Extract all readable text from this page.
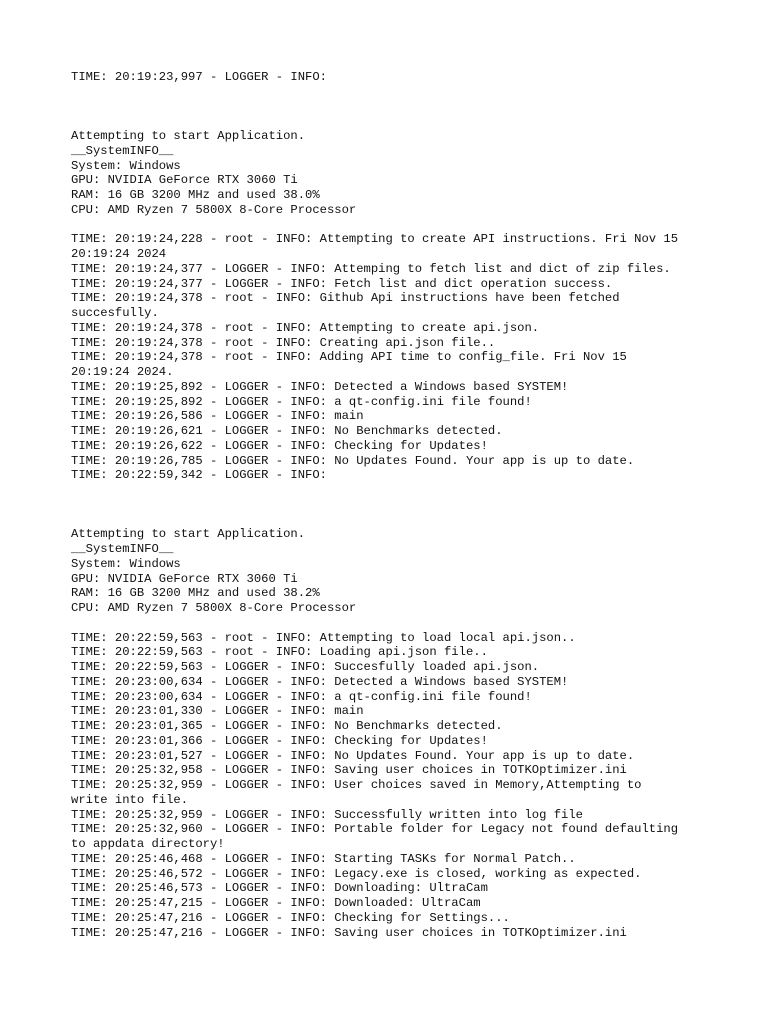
TIME: 20:19:23,997 - LOGGER - INFO:
Attempting to start Application.
__SystemINFO__
System: Windows
GPU: NVIDIA GeForce RTX 3060 Ti
RAM: 16 GB 3200 MHz and used 38.0%
CPU: AMD Ryzen 7 5800X 8-Core Processor
TIME: 20:19:24,228 - root - INFO: Attempting to create API instructions. Fri Nov 15
20:19:24 2024
TIME: 20:19:24,377 - LOGGER - INFO: Attemping to fetch list and dict of zip files.
TIME: 20:19:24,377 - LOGGER - INFO: Fetch list and dict operation success.
TIME: 20:19:24,378 - root - INFO: Github Api instructions have been fetched
succesfully.
TIME: 20:19:24,378 - root - INFO: Attempting to create api.json.
TIME: 20:19:24,378 - root - INFO: Creating api.json file..
TIME: 20:19:24,378 - root - INFO: Adding API time to config_file. Fri Nov 15
20:19:24 2024.
TIME: 20:19:25,892 - LOGGER - INFO: Detected a Windows based SYSTEM!
TIME: 20:19:25,892 - LOGGER - INFO: a qt-config.ini file found!
TIME: 20:19:26,586 - LOGGER - INFO: main
TIME: 20:19:26,621 - LOGGER - INFO: No Benchmarks detected.
TIME: 20:19:26,622 - LOGGER - INFO: Checking for Updates!
TIME: 20:19:26,785 - LOGGER - INFO: No Updates Found. Your app is up to date.
TIME: 20:22:59,342 - LOGGER - INFO:
Attempting to start Application.
__SystemINFO__
System: Windows
GPU: NVIDIA GeForce RTX 3060 Ti
RAM: 16 GB 3200 MHz and used 38.2%
CPU: AMD Ryzen 7 5800X 8-Core Processor
TIME: 20:22:59,563 - root - INFO: Attempting to load local api.json..
TIME: 20:22:59,563 - root - INFO: Loading api.json file..
TIME: 20:22:59,563 - LOGGER - INFO: Succesfully loaded api.json.
TIME: 20:23:00,634 - LOGGER - INFO: Detected a Windows based SYSTEM!
TIME: 20:23:00,634 - LOGGER - INFO: a qt-config.ini file found!
TIME: 20:23:01,330 - LOGGER - INFO: main
TIME: 20:23:01,365 - LOGGER - INFO: No Benchmarks detected.
TIME: 20:23:01,366 - LOGGER - INFO: Checking for Updates!
TIME: 20:23:01,527 - LOGGER - INFO: No Updates Found. Your app is up to date.
TIME: 20:25:32,958 - LOGGER - INFO: Saving user choices in TOTKOptimizer.ini
TIME: 20:25:32,959 - LOGGER - INFO: User choices saved in Memory,Attempting to
write into file.
TIME: 20:25:32,959 - LOGGER - INFO: Successfully written into log file
TIME: 20:25:32,960 - LOGGER - INFO: Portable folder for Legacy not found defaulting
to appdata directory!
TIME: 20:25:46,468 - LOGGER - INFO: Starting TASKs for Normal Patch..
TIME: 20:25:46,572 - LOGGER - INFO: Legacy.exe is closed, working as expected.
TIME: 20:25:46,573 - LOGGER - INFO: Downloading: UltraCam
TIME: 20:25:47,215 - LOGGER - INFO: Downloaded: UltraCam
TIME: 20:25:47,216 - LOGGER - INFO: Checking for Settings...
TIME: 20:25:47,216 - LOGGER - INFO: Saving user choices in TOTKOptimizer.ini
